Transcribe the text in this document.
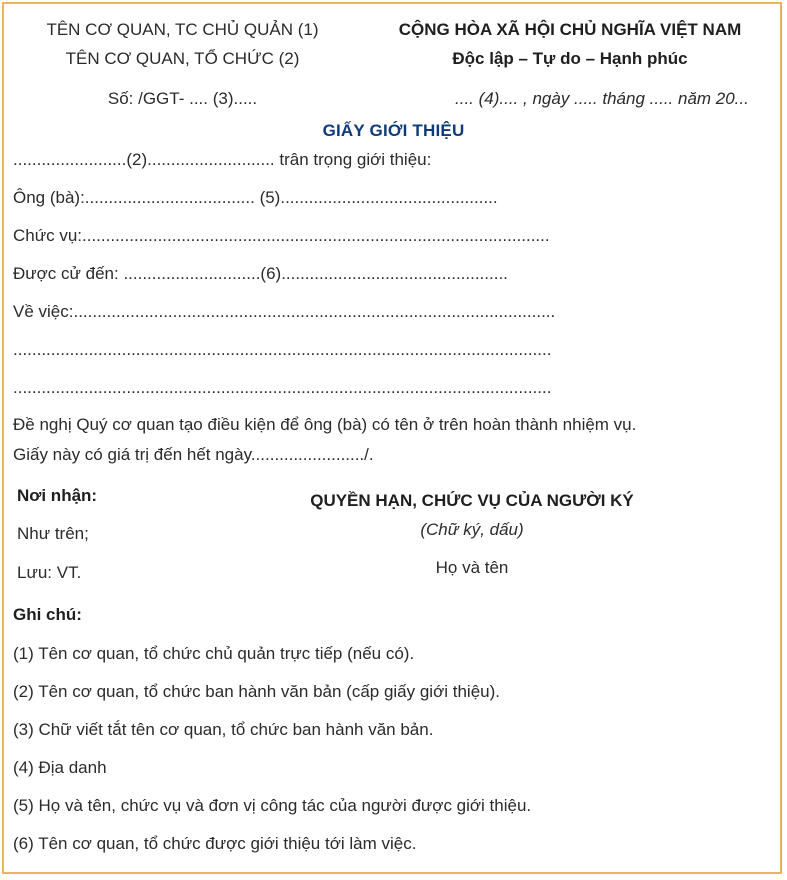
TÊN CƠ QUAN, TC CHỦ QUẢN (1)
TÊN CƠ QUAN, TỔ CHỨC (2)
Số: /GGT- .... (3).....
CỘNG HÒA XÃ HỘI CHỦ NGHĨA VIỆT NAM
Độc lập – Tự do – Hạnh phúc
.... (4).... , ngày ..... tháng ..... năm 20...
GIẤY GIỚI THIỆU
........................(2)........................... trân trọng giới thiệu:
Ông (bà):.................................... (5)..............................................
Chức vụ:...................................................................................................
Được cử đến: .............................(6)................................................
Về việc:......................................................................................................
..................................................................................................................
..................................................................................................................
Đề nghị Quý cơ quan tạo điều kiện để ông (bà) có tên ở trên hoàn thành nhiệm vụ.
Giấy này có giá trị đến hết ngày......................../.
Nơi nhận:
Như trên;
Lưu: VT.
QUYỀN HẠN, CHỨC VỤ CỦA NGƯỜI KÝ
(Chữ ký, dấu)
Họ và tên
Ghi chú:
(1) Tên cơ quan, tổ chức chủ quản trực tiếp (nếu có).
(2) Tên cơ quan, tổ chức ban hành văn bản (cấp giấy giới thiệu).
(3) Chữ viết tắt tên cơ quan, tổ chức ban hành văn bản.
(4) Địa danh
(5) Họ và tên, chức vụ và đơn vị công tác của người được giới thiệu.
(6) Tên cơ quan, tổ chức được giới thiệu tới làm việc.
